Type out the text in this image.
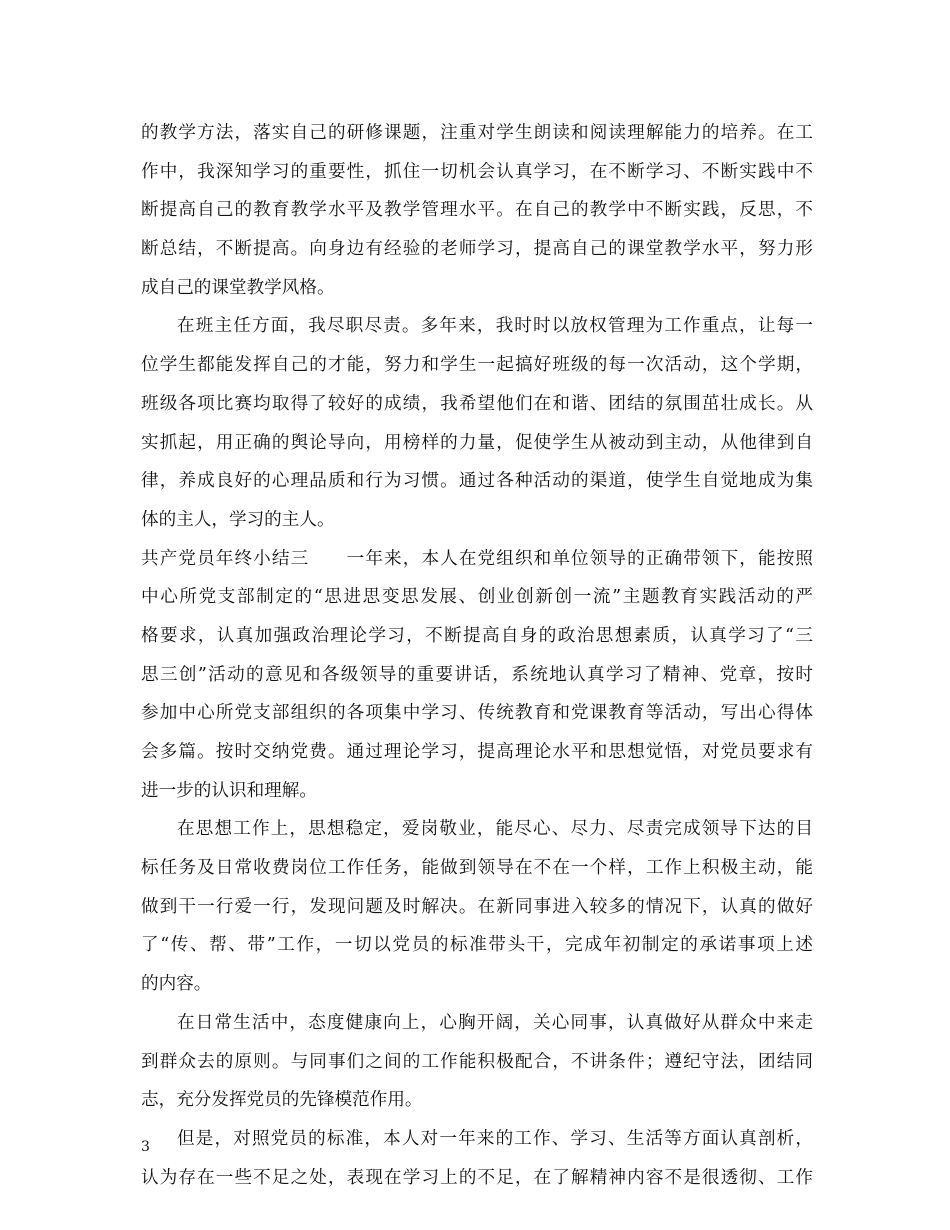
的教学方法，落实自己的研修课题，注重对学生朗读和阅读理解能力的培养。在工
作中，我深知学习的重要性，抓住一切机会认真学习，在不断学习、不断实践中不
断提高自己的教育教学水平及教学管理水平。在自己的教学中不断实践，反思，不
断总结，不断提高。向身边有经验的老师学习，提高自己的课堂教学水平，努力形
成自己的课堂教学风格。
在班主任方面，我尽职尽责。多年来，我时时以放权管理为工作重点，让每一
位学生都能发挥自己的才能，努力和学生一起搞好班级的每一次活动，这个学期，
班级各项比赛均取得了较好的成绩，我希望他们在和谐、团结的氛围茁壮成长。从
实抓起，用正确的舆论导向，用榜样的力量，促使学生从被动到主动，从他律到自
律，养成良好的心理品质和行为习惯。通过各种活动的渠道，使学生自觉地成为集
体的主人，学习的主人。
共产党员年终小结三　　一年来，本人在党组织和单位领导的正确带领下，能按照
中心所党支部制定的“思进思变思发展、创业创新创一流”主题教育实践活动的严
格要求，认真加强政治理论学习，不断提高自身的政治思想素质，认真学习了“三
思三创”活动的意见和各级领导的重要讲话，系统地认真学习了精神、党章，按时
参加中心所党支部组织的各项集中学习、传统教育和党课教育等活动，写出心得体
会多篇。按时交纳党费。通过理论学习，提高理论水平和思想觉悟，对党员要求有
进一步的认识和理解。
在思想工作上，思想稳定，爱岗敬业，能尽心、尽力、尽责完成领导下达的目
标任务及日常收费岗位工作任务，能做到领导在不在一个样，工作上积极主动，能
做到干一行爱一行，发现问题及时解决。在新同事进入较多的情况下，认真的做好
了“传、帮、带”工作，一切以党员的标准带头干，完成年初制定的承诺事项上述
的内容。
在日常生活中，态度健康向上，心胸开阔，关心同事，认真做好从群众中来走
到群众去的原则。与同事们之间的工作能积极配合，不讲条件；遵纪守法，团结同
志，充分发挥党员的先锋模范作用。
但是，对照党员的标准，本人对一年来的工作、学习、生活等方面认真剖析，
认为存在一些不足之处，表现在学习上的不足，在了解精神内容不是很透彻、工作
3
